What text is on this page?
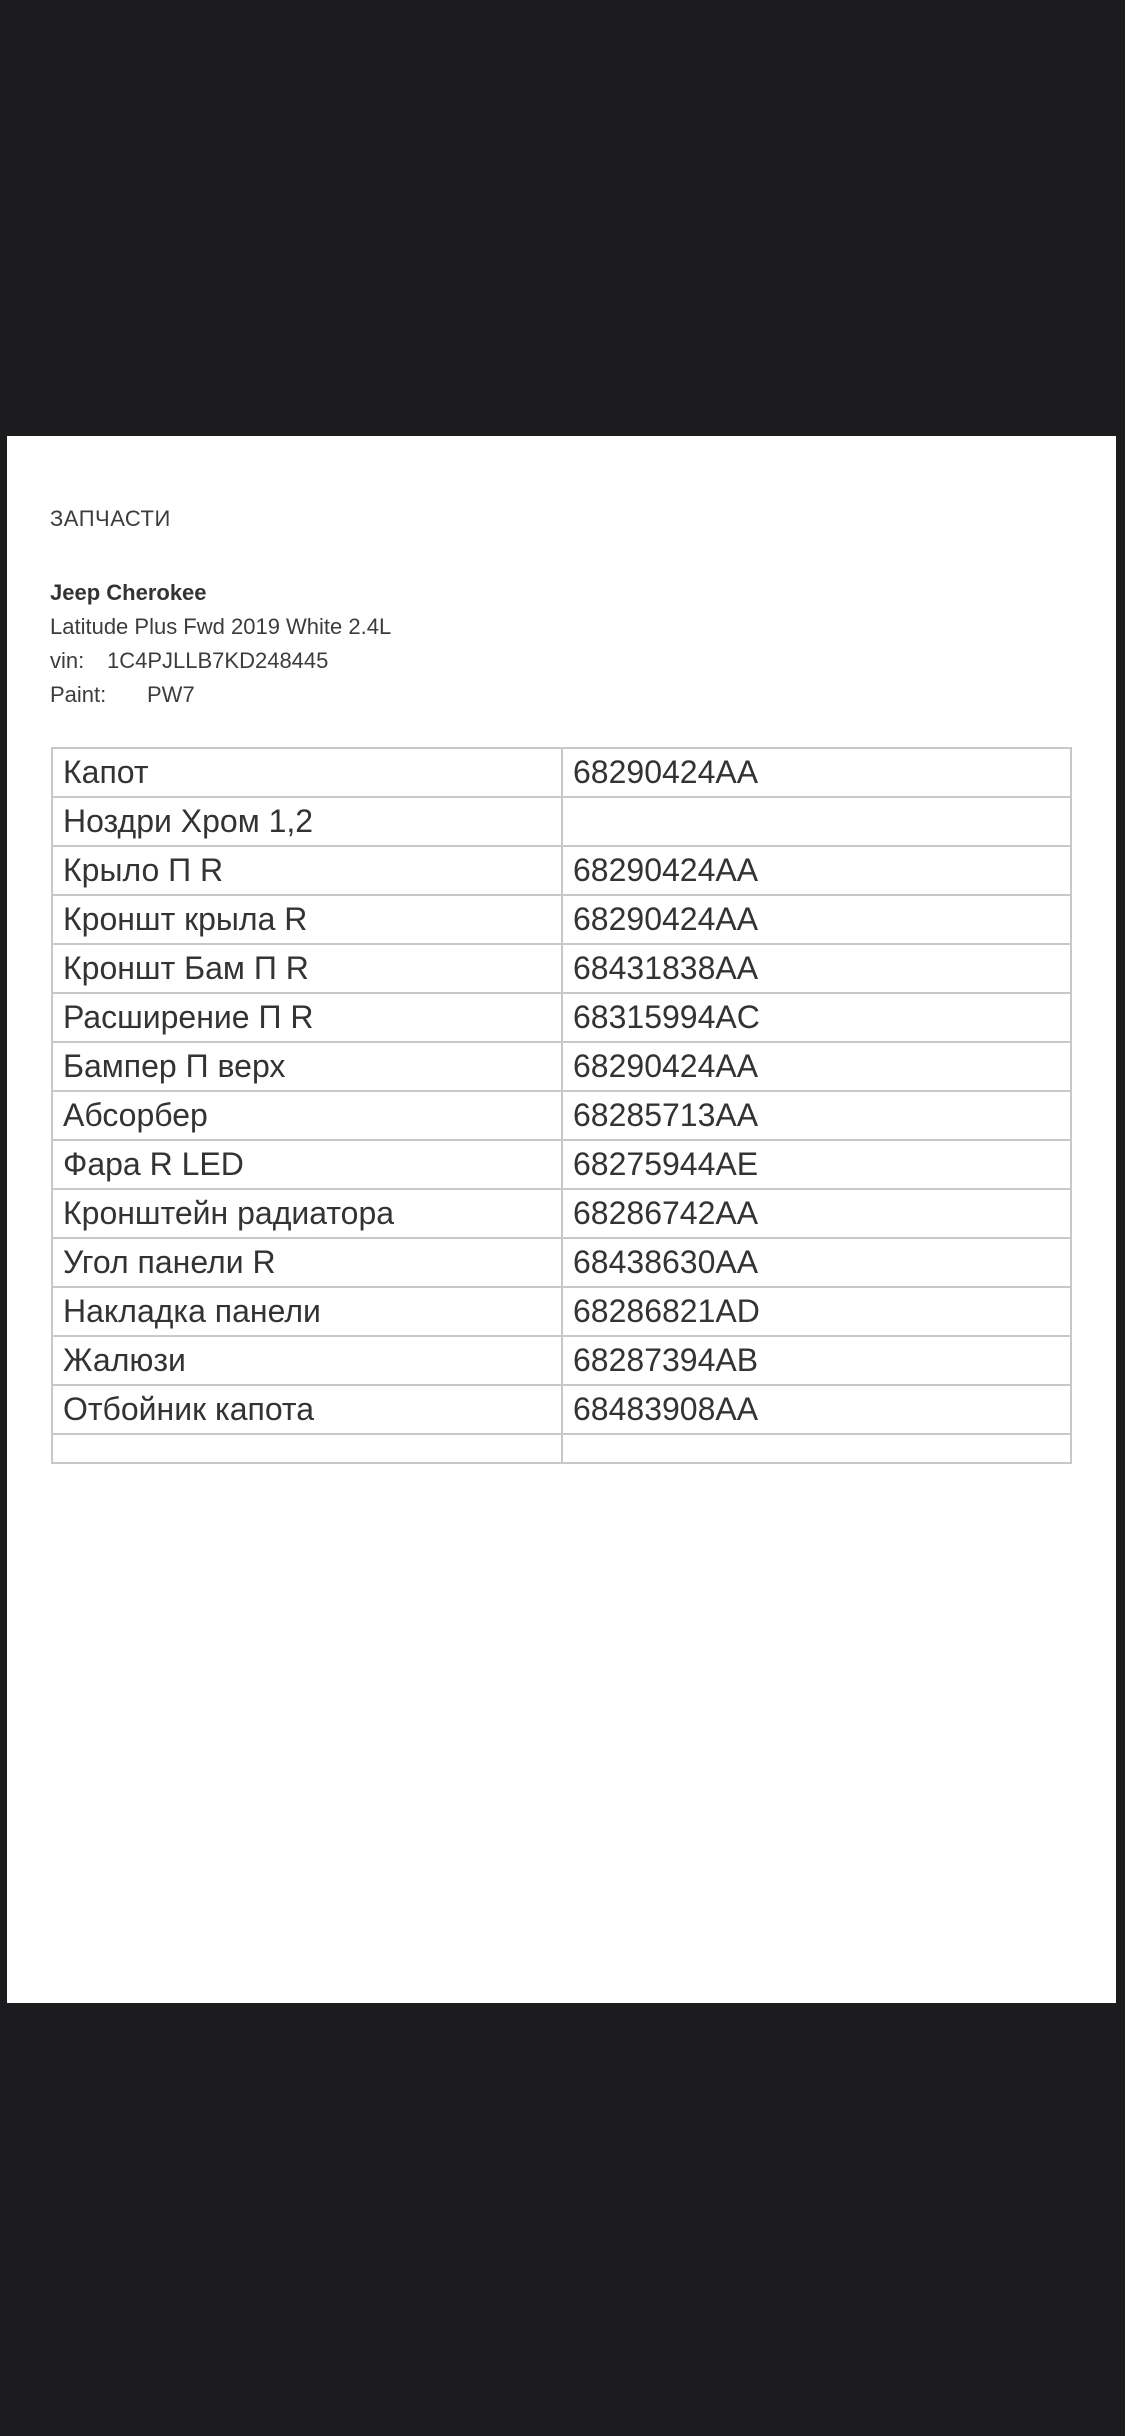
ЗАПЧАСТИ
Jeep Cherokee
Latitude Plus Fwd 2019 White 2.4L
vin: 1C4PJLLB7KD248445
Paint: PW7
Капот	68290424AA
Ноздри Хром 1,2	
Крыло П R	68290424AA
Кроншт крыла R	68290424AA
Кроншт Бам П R	68431838AA
Расширение П R	68315994AC
Бампер П верх	68290424AA
Абсорбер	68285713AA
Фара R LED	68275944AE
Кронштейн радиатора	68286742AA
Угол панели R	68438630AA
Накладка панели	68286821AD
Жалюзи	68287394AB
Отбойник капота	68483908AA
